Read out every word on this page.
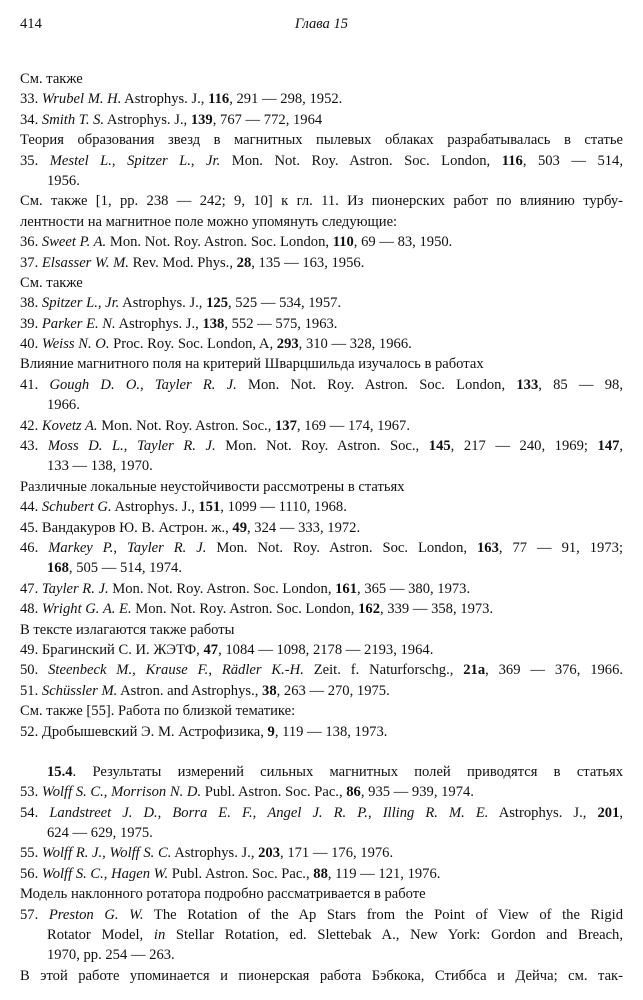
414	Глава 15
См. также
33. Wrubel M. H. Astrophys. J., 116, 291 — 298, 1952.
34. Smith T. S. Astrophys. J., 139, 767 — 772, 1964
Теория образования звезд в магнитных пылевых облаках разрабатывалась в статье
35. Mestel L., Spitzer L., Jr. Mon. Not. Roy. Astron. Soc. London, 116, 503 — 514,
1956.
См. также [1, pp. 238 — 242; 9, 10] к гл. 11. Из пионерских работ по влиянию турбу-
лентности на магнитное поле можно упомянуть следующие:
36. Sweet P. A. Mon. Not. Roy. Astron. Soc. London, 110, 69 — 83, 1950.
37. Elsasser W. M. Rev. Mod. Phys., 28, 135 — 163, 1956.
См. также
38. Spitzer L., Jr. Astrophys. J., 125, 525 — 534, 1957.
39. Parker E. N. Astrophys. J., 138, 552 — 575, 1963.
40. Weiss N. O. Proc. Roy. Soc. London, A, 293, 310 — 328, 1966.
Влияние магнитного поля на критерий Шварцшильда изучалось в работах
41. Gough D. O., Tayler R. J. Mon. Not. Roy. Astron. Soc. London, 133, 85 — 98,
1966.
42. Kovetz A. Mon. Not. Roy. Astron. Soc., 137, 169 — 174, 1967.
43. Moss D. L., Tayler R. J. Mon. Not. Roy. Astron. Soc., 145, 217 — 240, 1969; 147,
133 — 138, 1970.
Различные локальные неустойчивости рассмотрены в статьях
44. Schubert G. Astrophys. J., 151, 1099 — 1110, 1968.
45. Вандакуров Ю. В. Астрон. ж., 49, 324 — 333, 1972.
46. Markey P., Tayler R. J. Mon. Not. Roy. Astron. Soc. London, 163, 77 — 91, 1973;
168, 505 — 514, 1974.
47. Tayler R. J. Mon. Not. Roy. Astron. Soc. London, 161, 365 — 380, 1973.
48. Wright G. A. E. Mon. Not. Roy. Astron. Soc. London, 162, 339 — 358, 1973.
В тексте излагаются также работы
49. Брагинский С. И. ЖЭТФ, 47, 1084 — 1098, 2178 — 2193, 1964.
50. Steenbeck M., Krause F., Rädler K.-H. Zeit. f. Naturforschg., 21a, 369 — 376, 1966.
51. Schüssler M. Astron. and Astrophys., 38, 263 — 270, 1975.
См. также [55]. Работа по близкой тематике:
52. Дробышевский Э. М. Астрофизика, 9, 119 — 138, 1973.
15.4. Результаты измерений сильных магнитных полей приводятся в статьях
53. Wolff S. C., Morrison N. D. Publ. Astron. Soc. Pac., 86, 935 — 939, 1974.
54. Landstreet J. D., Borra E. F., Angel J. R. P., Illing R. M. E. Astrophys. J., 201,
624 — 629, 1975.
55. Wolff R. J., Wolff S. C. Astrophys. J., 203, 171 — 176, 1976.
56. Wolff S. C., Hagen W. Publ. Astron. Soc. Pac., 88, 119 — 121, 1976.
Модель наклонного ротатора подробно рассматривается в работе
57. Preston G. W. The Rotation of the Ap Stars from the Point of View of the Rigid
Rotator Model, in Stellar Rotation, ed. Slettebak A., New York: Gordon and Breach,
1970, pp. 254 — 263.
В этой работе упоминается и пионерская работа Бэбкока, Стиббса и Дейча; см. так-
